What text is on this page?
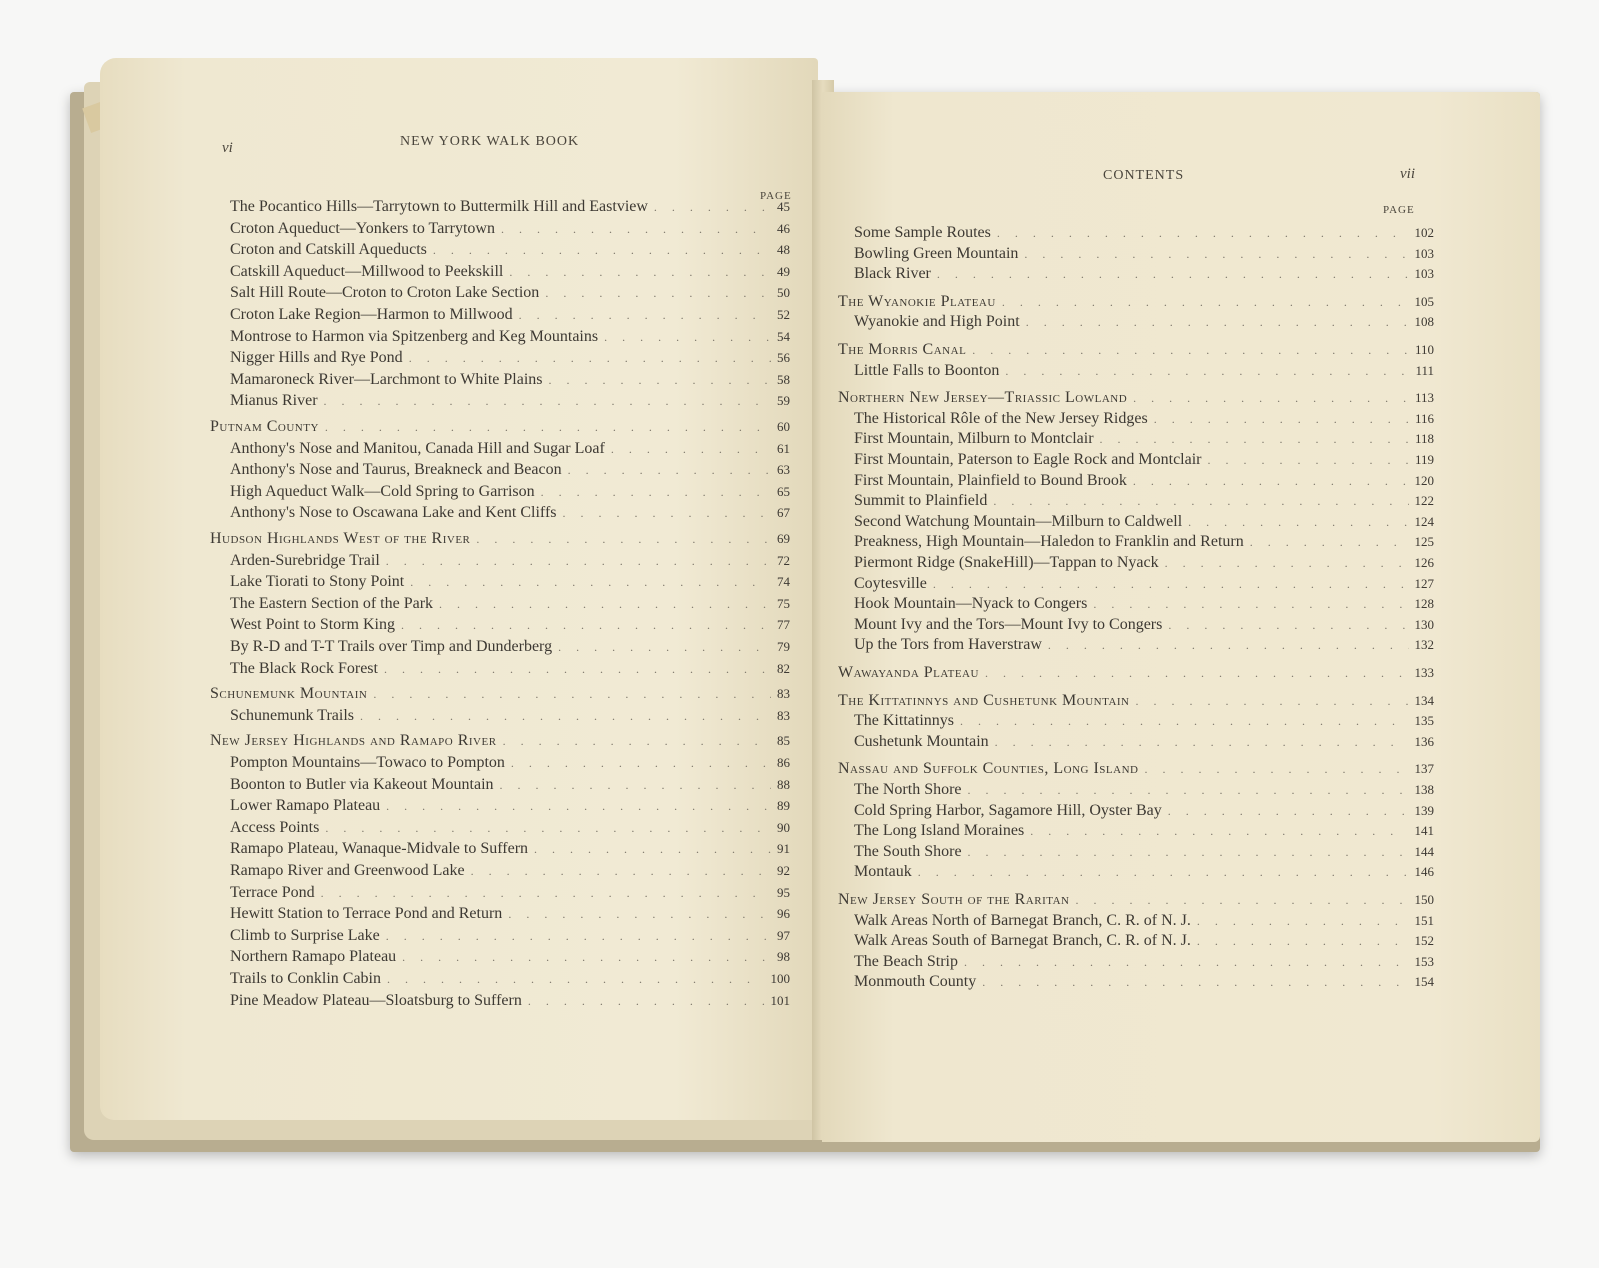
vi	NEW YORK WALK BOOK
PAGE
The Pocantico Hills—Tarrytown to Buttermilk Hill and Eastview . . .	45
Croton Aqueduct—Yonkers to Tarrytown . . .	46
Croton and Catskill Aqueducts . . .	48
Catskill Aqueduct—Millwood to Peekskill . . .	49
Salt Hill Route—Croton to Croton Lake Section . . .	50
Croton Lake Region—Harmon to Millwood . . .	52
Montrose to Harmon via Spitzenberg and Keg Mountains . . .	54
Nigger Hills and Rye Pond . . .	56
Mamaroneck River—Larchmont to White Plains . . .	58
Mianus River . . .	59
Putnam County . . .	60
Anthony's Nose and Manitou, Canada Hill and Sugar Loaf . . .	61
Anthony's Nose and Taurus, Breakneck and Beacon . . .	63
High Aqueduct Walk—Cold Spring to Garrison . . .	65
Anthony's Nose to Oscawana Lake and Kent Cliffs . . .	67
Hudson Highlands West of the River . . .	69
Arden-Surebridge Trail . . .	72
Lake Tiorati to Stony Point . . .	74
The Eastern Section of the Park . . .	75
West Point to Storm King . . .	77
By R-D and T-T Trails over Timp and Dunderberg . . .	79
The Black Rock Forest . . .	82
Schunemunk Mountain . . .	83
Schunemunk Trails . . .	83
New Jersey Highlands and Ramapo River . . .	85
Pompton Mountains—Towaco to Pompton . . .	86
Boonton to Butler via Kakeout Mountain . . .	88
Lower Ramapo Plateau . . .	89
Access Points . . .	90
Ramapo Plateau, Wanaque-Midvale to Suffern . . .	91
Ramapo River and Greenwood Lake . . .	92
Terrace Pond . . .	95
Hewitt Station to Terrace Pond and Return . . .	96
Climb to Surprise Lake . . .	97
Northern Ramapo Plateau . . .	98
Trails to Conklin Cabin . . .	100
Pine Meadow Plateau—Sloatsburg to Suffern . . .	101
CONTENTS	vii
PAGE
Some Sample Routes . . .	102
Bowling Green Mountain . . .	103
Black River . . .	103
The Wyanokie Plateau . . .	105
Wyanokie and High Point . . .	108
The Morris Canal . . .	110
Little Falls to Boonton . . .	111
Northern New Jersey—Triassic Lowland . . .	113
The Historical Rôle of the New Jersey Ridges . . .	116
First Mountain, Milburn to Montclair . . .	118
First Mountain, Paterson to Eagle Rock and Montclair . . .	119
First Mountain, Plainfield to Bound Brook . . .	120
Summit to Plainfield . . .	122
Second Watchung Mountain—Milburn to Caldwell . . .	124
Preakness, High Mountain—Haledon to Franklin and Return . . .	125
Piermont Ridge (SnakeHill)—Tappan to Nyack . . .	126
Coytesville . . .	127
Hook Mountain—Nyack to Congers . . .	128
Mount Ivy and the Tors—Mount Ivy to Congers . . .	130
Up the Tors from Haverstraw . . .	132
Wawayanda Plateau . . .	133
The Kittatinnys and Cushetunk Mountain . . .	134
The Kittatinnys . . .	135
Cushetunk Mountain . . .	136
Nassau and Suffolk Counties, Long Island . . .	137
The North Shore . . .	138
Cold Spring Harbor, Sagamore Hill, Oyster Bay . . .	139
The Long Island Moraines . . .	141
The South Shore . . .	144
Montauk . . .	146
New Jersey South of the Raritan . . .	150
Walk Areas North of Barnegat Branch, C. R. of N. J. . . .	151
Walk Areas South of Barnegat Branch, C. R. of N. J. . . .	152
The Beach Strip . . .	153
Monmouth County . . .	154
